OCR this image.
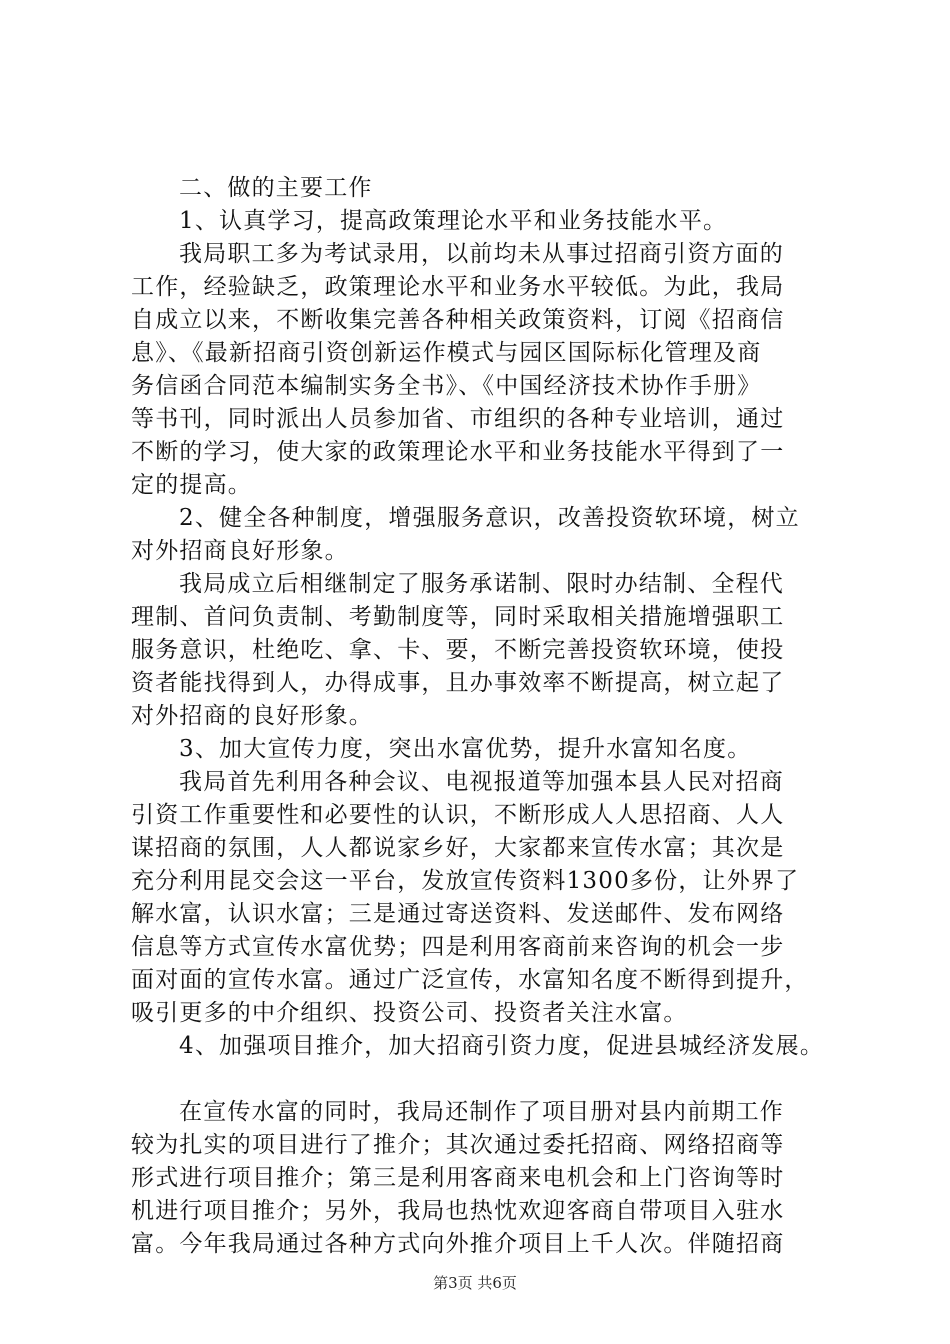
二、做的主要工作
1、认真学习，提高政策理论水平和业务技能水平。
我局职工多为考试录用，以前均未从事过招商引资方面的
工作，经验缺乏，政策理论水平和业务水平较低。为此，我局
自成立以来，不断收集完善各种相关政策资料，订阅《招商信
息》、《最新招商引资创新运作模式与园区国际标化管理及商
务信函合同范本编制实务全书》、《中国经济技术协作手册》
等书刊，同时派出人员参加省、市组织的各种专业培训，通过
不断的学习，使大家的政策理论水平和业务技能水平得到了一
定的提高。
2、健全各种制度，增强服务意识，改善投资软环境，树立
对外招商良好形象。
我局成立后相继制定了服务承诺制、限时办结制、全程代
理制、首问负责制、考勤制度等，同时采取相关措施增强职工
服务意识，杜绝吃、拿、卡、要，不断完善投资软环境，使投
资者能找得到人，办得成事，且办事效率不断提高，树立起了
对外招商的良好形象。
3、加大宣传力度，突出水富优势，提升水富知名度。
我局首先利用各种会议、电视报道等加强本县人民对招商
引资工作重要性和必要性的认识，不断形成人人思招商、人人
谋招商的氛围，人人都说家乡好，大家都来宣传水富；其次是
充分利用昆交会这一平台，发放宣传资料1300多份，让外界了
解水富，认识水富；三是通过寄送资料、发送邮件、发布网络
信息等方式宣传水富优势；四是利用客商前来咨询的机会一步
面对面的宣传水富。通过广泛宣传，水富知名度不断得到提升，
吸引更多的中介组织、投资公司、投资者关注水富。
4、加强项目推介，加大招商引资力度，促进县城经济发展。
在宣传水富的同时，我局还制作了项目册对县内前期工作
较为扎实的项目进行了推介；其次通过委托招商、网络招商等
形式进行项目推介；第三是利用客商来电机会和上门咨询等时
机进行项目推介；另外，我局也热忱欢迎客商自带项目入驻水
富。今年我局通过各种方式向外推介项目上千人次。伴随招商
第3页 共6页
